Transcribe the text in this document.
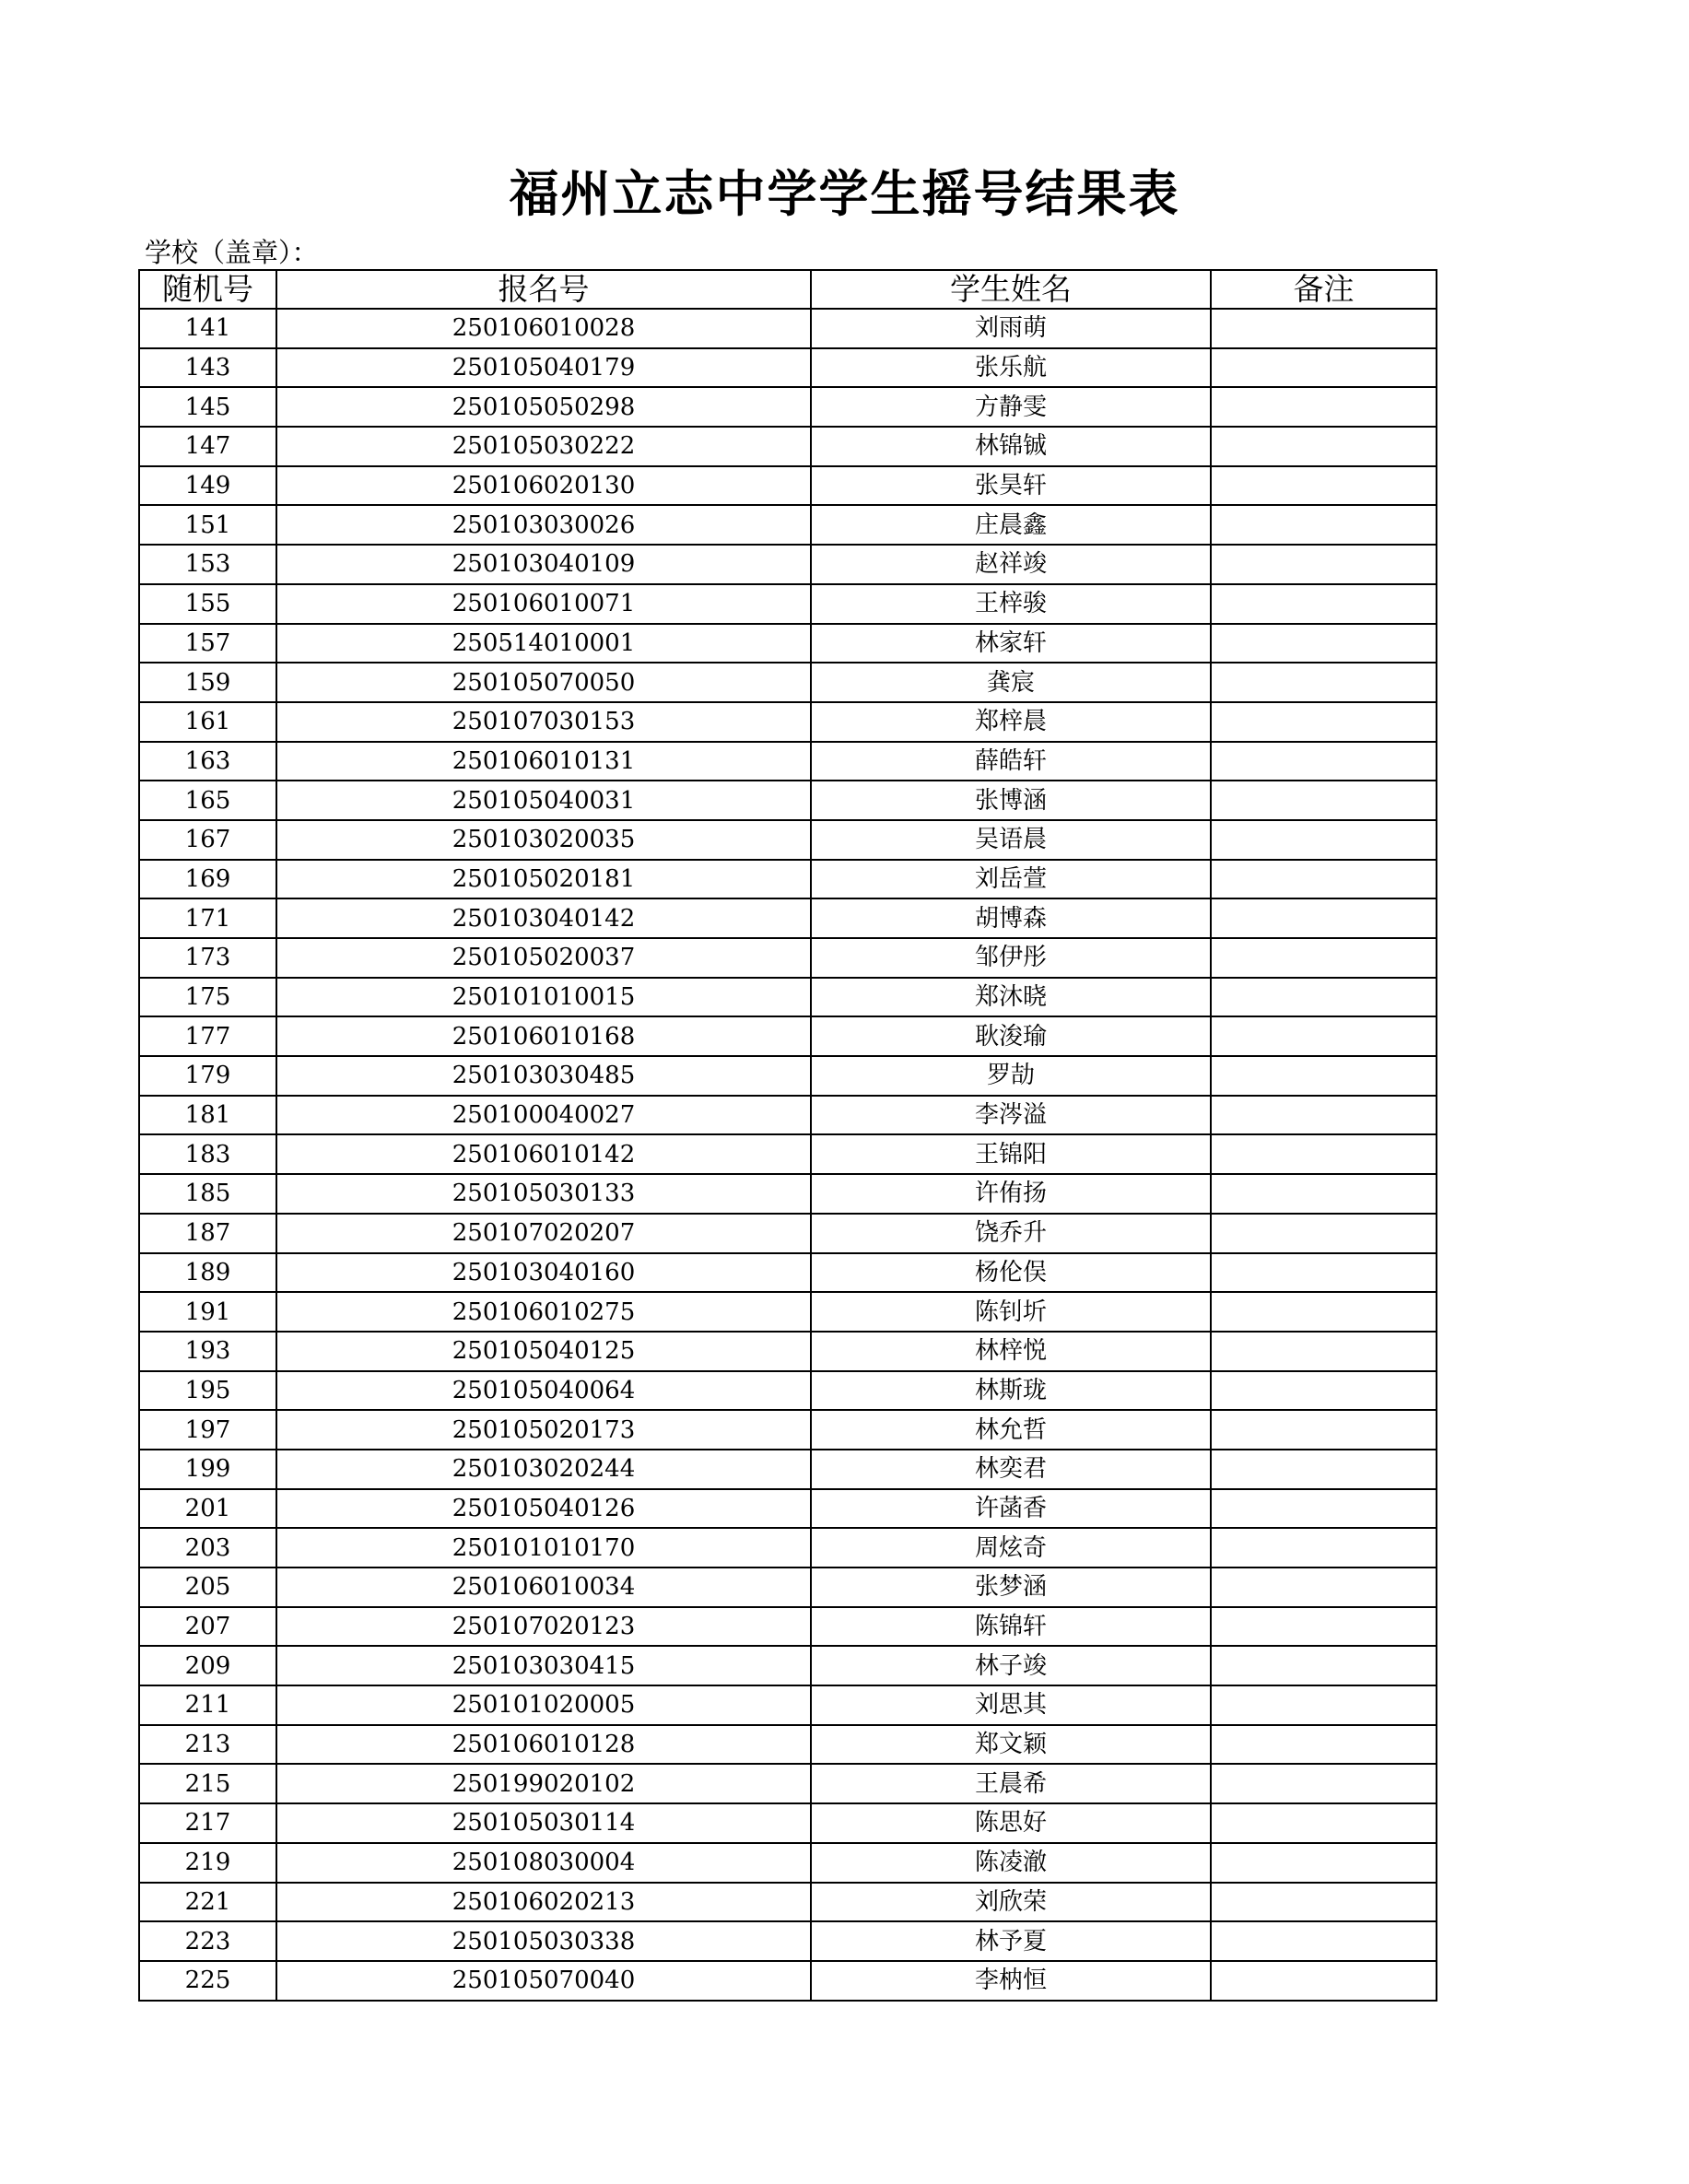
福州立志中学学生摇号结果表
学校（盖章）：
随机号	报名号	学生姓名	备注
141	250106010028	刘雨萌	
143	250105040179	张乐航	
145	250105050298	方静雯	
147	250105030222	林锦铖	
149	250106020130	张昊轩	
151	250103030026	庄晨鑫	
153	250103040109	赵祥竣	
155	250106010071	王梓骏	
157	250514010001	林家轩	
159	250105070050	龚宸	
161	250107030153	郑梓晨	
163	250106010131	薛皓轩	
165	250105040031	张博涵	
167	250103020035	吴语晨	
169	250105020181	刘岳萱	
171	250103040142	胡博森	
173	250105020037	邹伊彤	
175	250101010015	郑沐晓	
177	250106010168	耿浚瑜	
179	250103030485	罗劼	
181	250100040027	李涔溢	
183	250106010142	王锦阳	
185	250105030133	许侑扬	
187	250107020207	饶乔升	
189	250103040160	杨伦俣	
191	250106010275	陈钊圻	
193	250105040125	林梓悦	
195	250105040064	林斯珑	
197	250105020173	林允哲	
199	250103020244	林奕君	
201	250105040126	许菡香	
203	250101010170	周炫奇	
205	250106010034	张梦涵	
207	250107020123	陈锦轩	
209	250103030415	林子竣	
211	250101020005	刘思其	
213	250106010128	郑文颖	
215	250199020102	王晨希	
217	250105030114	陈思好	
219	250108030004	陈凌澈	
221	250106020213	刘欣荣	
223	250105030338	林予夏	
225	250105070040	李枘恒	
